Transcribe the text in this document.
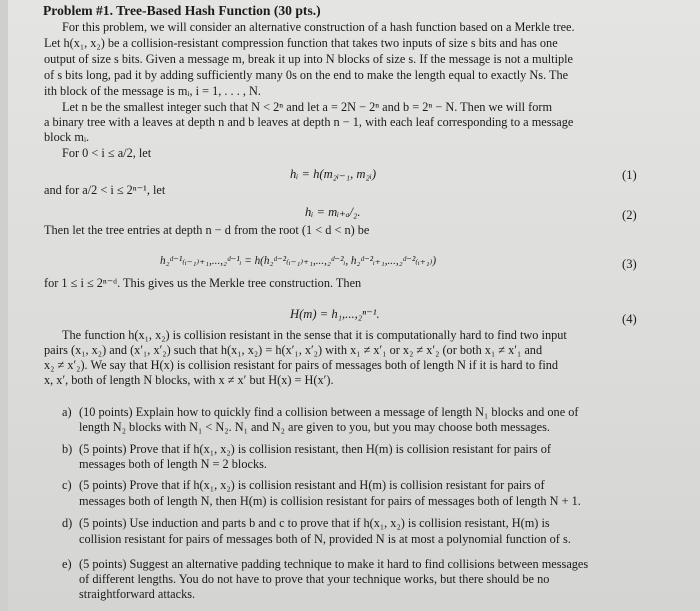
Problem #1. Tree-Based Hash Function (30 pts.)
For this problem, we will consider an alternative construction of a hash function based on a Merkle tree.
Let h(x₁, x₂) be a collision-resistant compression function that takes two inputs of size s bits and has one
output of size s bits. Given a message m, break it up into N blocks of size s. If the message is not a multiple
of s bits long, pad it by adding sufficiently many 0s on the end to make the length equal to exactly Ns. The
ith block of the message is mᵢ, i = 1, . . . , N.
Let n be the smallest integer such that N < 2ⁿ and let a = 2N − 2ⁿ and b = 2ⁿ − N. Then we will form
a binary tree with a leaves at depth n and b leaves at depth n − 1, with each leaf corresponding to a message
block mᵢ.
For 0 < i ≤ a/2, let
hᵢ = h(m₂ᵢ₋₁, m₂ᵢ)	(1)
and for a/2 < i ≤ 2ⁿ⁻¹, let
hᵢ = mᵢ₊ₐ/₂.	(2)
Then let the tree entries at depth n − d from the root (1 < d < n) be
h₂ᵈ⁻¹₍ᵢ₋₁₎₊₁,...,₂ᵈ⁻¹ᵢ = h(h₂ᵈ⁻²₍ᵢ₋₁₎₊₁,...,₂ᵈ⁻²ᵢ, h₂ᵈ⁻²ᵢ₊₁,...,₂ᵈ⁻²₍ᵢ₊₁₎)	(3)
for 1 ≤ i ≤ 2ⁿ⁻ᵈ. This gives us the Merkle tree construction. Then
H(m) = h₁,...,₂ⁿ⁻¹.	(4)
The function h(x₁, x₂) is collision resistant in the sense that it is computationally hard to find two input
pairs (x₁, x₂) and (x′₁, x′₂) such that h(x₁, x₂) = h(x′₁, x′₂) with x₁ ≠ x′₁ or x₂ ≠ x′₂ (or both x₁ ≠ x′₁ and
x₂ ≠ x′₂). We say that H(x) is collision resistant for pairs of messages both of length N if it is hard to find
x, x′, both of length N blocks, with x ≠ x′ but H(x) = H(x′).
a) (10 points) Explain how to quickly find a collision between a message of length N₁ blocks and one of
length N₂ blocks with N₁ < N₂. N₁ and N₂ are given to you, but you may choose both messages.
b) (5 points) Prove that if h(x₁, x₂) is collision resistant, then H(m) is collision resistant for pairs of
messages both of length N = 2 blocks.
c) (5 points) Prove that if h(x₁, x₂) is collision resistant and H(m) is collision resistant for pairs of
messages both of length N, then H(m) is collision resistant for pairs of messages both of length N + 1.
d) (5 points) Use induction and parts b and c to prove that if h(x₁, x₂) is collision resistant, H(m) is
collision resistant for pairs of messages both of N, provided N is at most a polynomial function of s.
e) (5 points) Suggest an alternative padding technique to make it hard to find collisions between messages
of different lengths. You do not have to prove that your technique works, but there should be no
straightforward attacks.
